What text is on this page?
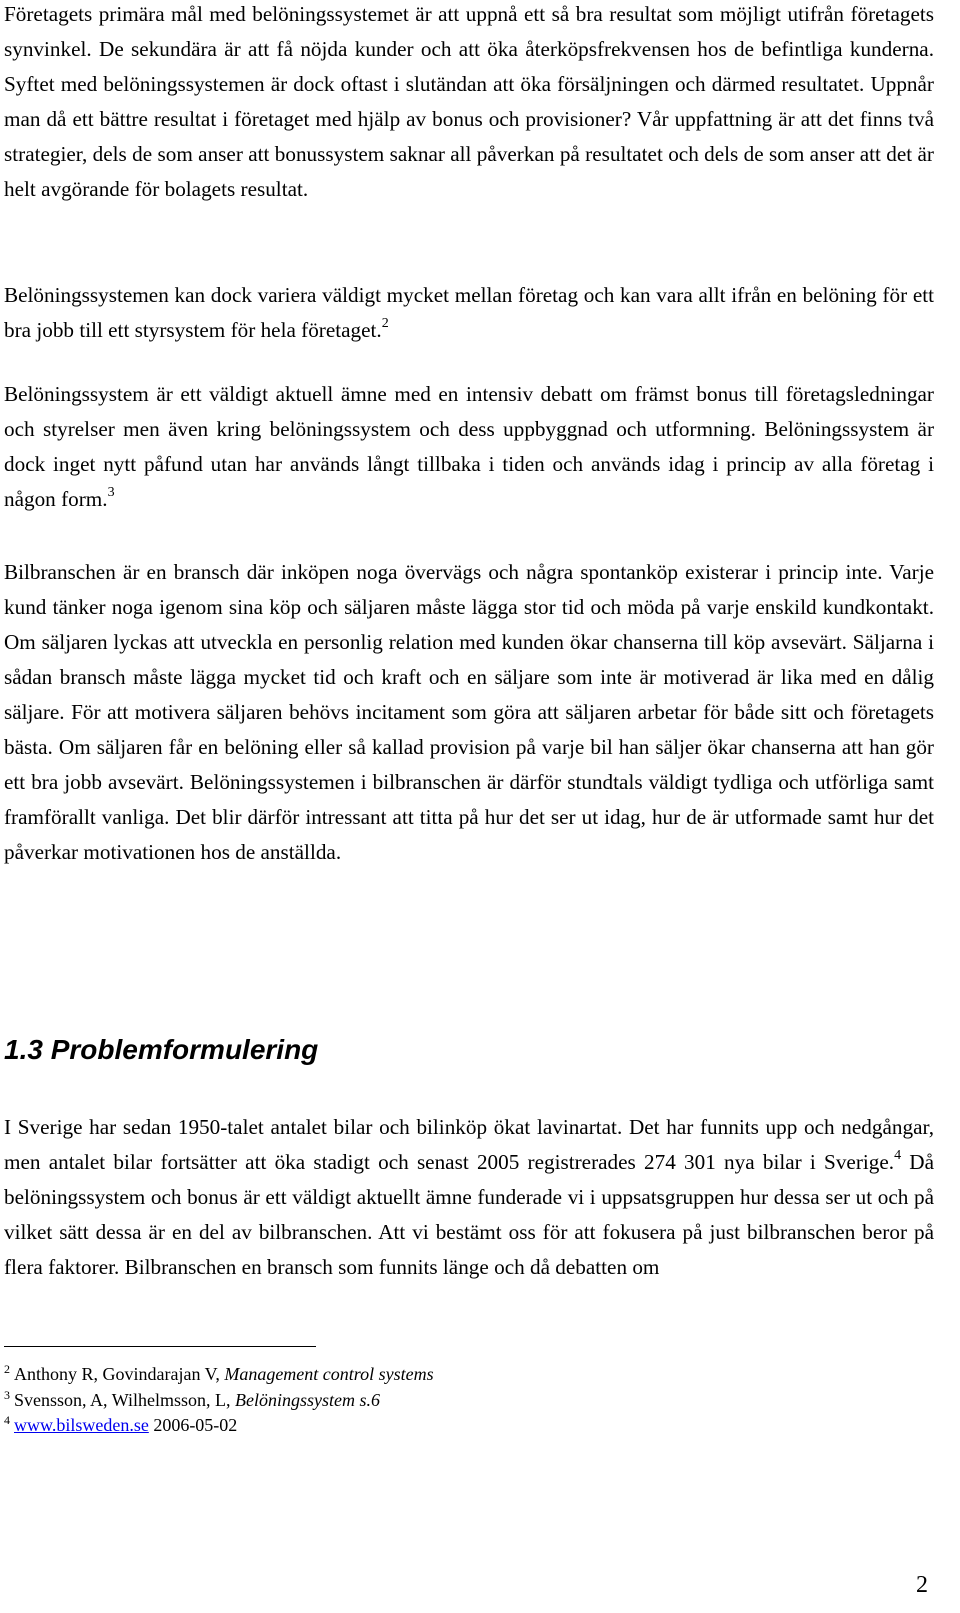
Företagets primära mål med belöningssystemet är att uppnå ett så bra resultat som möjligt utifrån företagets synvinkel. De sekundära är att få nöjda kunder och att öka återköpsfrekvensen hos de befintliga kunderna. Syftet med belöningssystemen är dock oftast i slutändan att öka försäljningen och därmed resultatet. Uppnår man då ett bättre resultat i företaget med hjälp av bonus och provisioner? Vår uppfattning är att det finns två strategier, dels de som anser att bonussystem saknar all påverkan på resultatet och dels de som anser att det är helt avgörande för bolagets resultat.

Belöningssystemen kan dock variera väldigt mycket mellan företag och kan vara allt ifrån en belöning för ett bra jobb till ett styrsystem för hela företaget.$^2$

Belöningssystem är ett väldigt aktuell ämne med en intensiv debatt om främst bonus till företagsledningar och styrelser men även kring belöningssystem och dess uppbyggnad och utformning. Belöningssystem är dock inget nytt påfund utan har används långt tillbaka i tiden och används idag i princip av alla företag i någon form.$^3$

Bilbranschen är en bransch där inköpen noga övervägs och några spontanköp existerar i princip inte. Varje kund tänker noga igenom sina köp och säljaren måste lägga stor tid och möda på varje enskild kundkontakt. Om säljaren lyckas att utveckla en personlig relation med kunden ökar chanserna till köp avsevärt. Säljarna i sådan bransch måste lägga mycket tid och kraft och en säljare som inte är motiverad är lika med en dålig säljare. För att motivera säljaren behövs incitament som göra att säljaren arbetar för både sitt och företagets bästa. Om säljaren får en belöning eller så kallad provision på varje bil han säljer ökar chanserna att han gör ett bra jobb avsevärt. Belöningssystemen i bilbranschen är därför stundtals väldigt tydliga och utförliga samt framförallt vanliga. Det blir därför intressant att titta på hur det ser ut idag, hur de är utformade samt hur det påverkar motivationen hos de anställda.

1.3 Problemformulering

I Sverige har sedan 1950-talet antalet bilar och bilinköp ökat lavinartat. Det har funnits upp och nedgångar, men antalet bilar fortsätter att öka stadigt och senast 2005 registrerades 274 301 nya bilar i Sverige.$^4$ Då belöningssystem och bonus är ett väldigt aktuellt ämne funderade vi i uppsatsgruppen hur dessa ser ut och på vilket sätt dessa är en del av bilbranschen. Att vi bestämt oss för att fokusera på just bilbranschen beror på flera faktorer. Bilbranschen en bransch som funnits länge och då debatten om

$^2$ Anthony R, Govindarajan V, Management control systems
$^3$ Svensson, A, Wilhelmsson, L, Belöningssystem s.6
$^4$ www.bilsweden.se 2006-05-02
2
